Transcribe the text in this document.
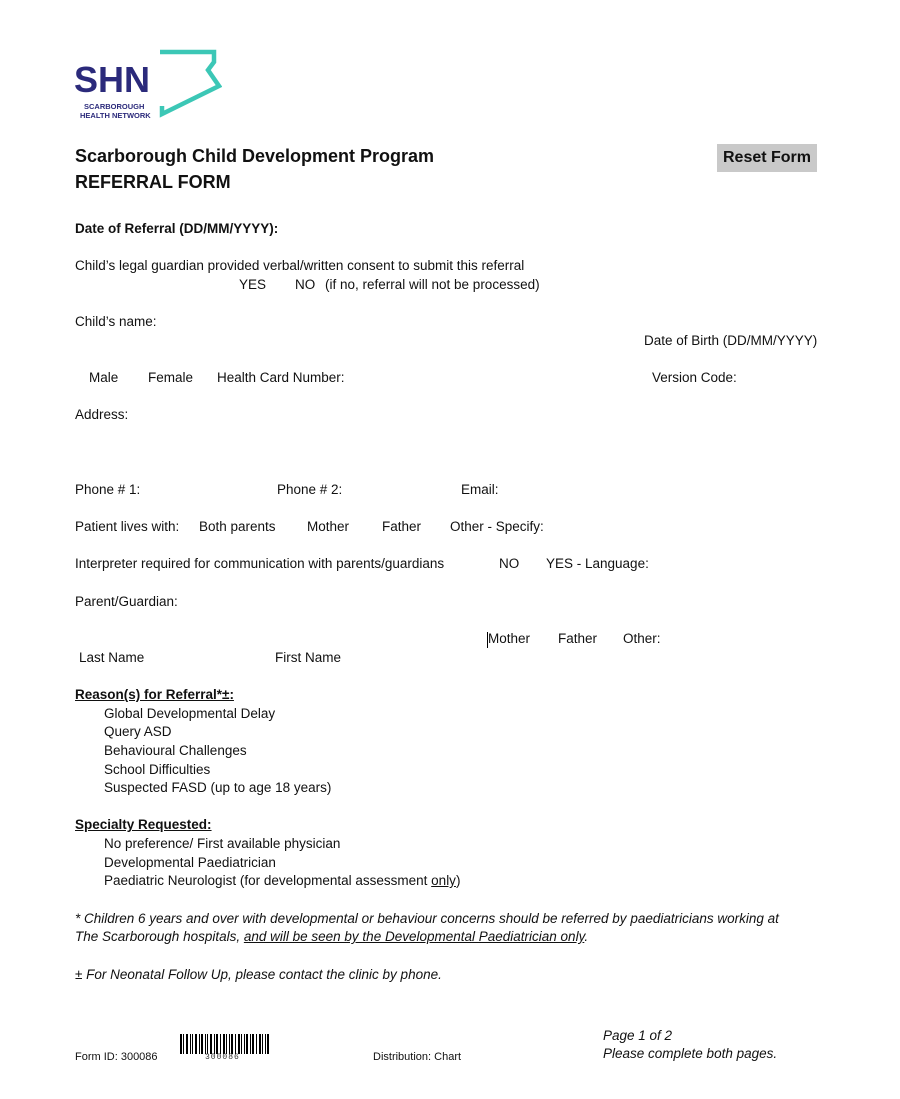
SHN
SCARBOROUGH
HEALTH NETWORK
Scarborough Child Development Program
REFERRAL FORM
Reset Form
Date of Referral (DD/MM/YYYY):
Child’s legal guardian provided verbal/written consent to submit this referral
YES NO (if no, referral will not be processed)
Child’s name:
Date of Birth (DD/MM/YYYY)
Male Female Health Card Number:	Version Code:
Address:
Phone # 1:	Phone # 2:	Email:
Patient lives with: Both parents Mother Father Other - Specify:
Interpreter required for communication with parents/guardians	NO YES - Language:
Parent/Guardian:
Mother Father Other:
Last Name	First Name
Reason(s) for Referral*±:
Global Developmental Delay
Query ASD
Behavioural Challenges
School Difficulties
Suspected FASD (up to age 18 years)
Specialty Requested:
No preference/ First available physician
Developmental Paediatrician
Paediatric Neurologist (for developmental assessment only)
* Children 6 years and over with developmental or behaviour concerns should be referred by paediatricians working at
The Scarborough hospitals, and will be seen by the Developmental Paediatrician only.
± For Neonatal Follow Up, please contact the clinic by phone.
Form ID: 300086	300086	Distribution: Chart
Page 1 of 2
Please complete both pages.
